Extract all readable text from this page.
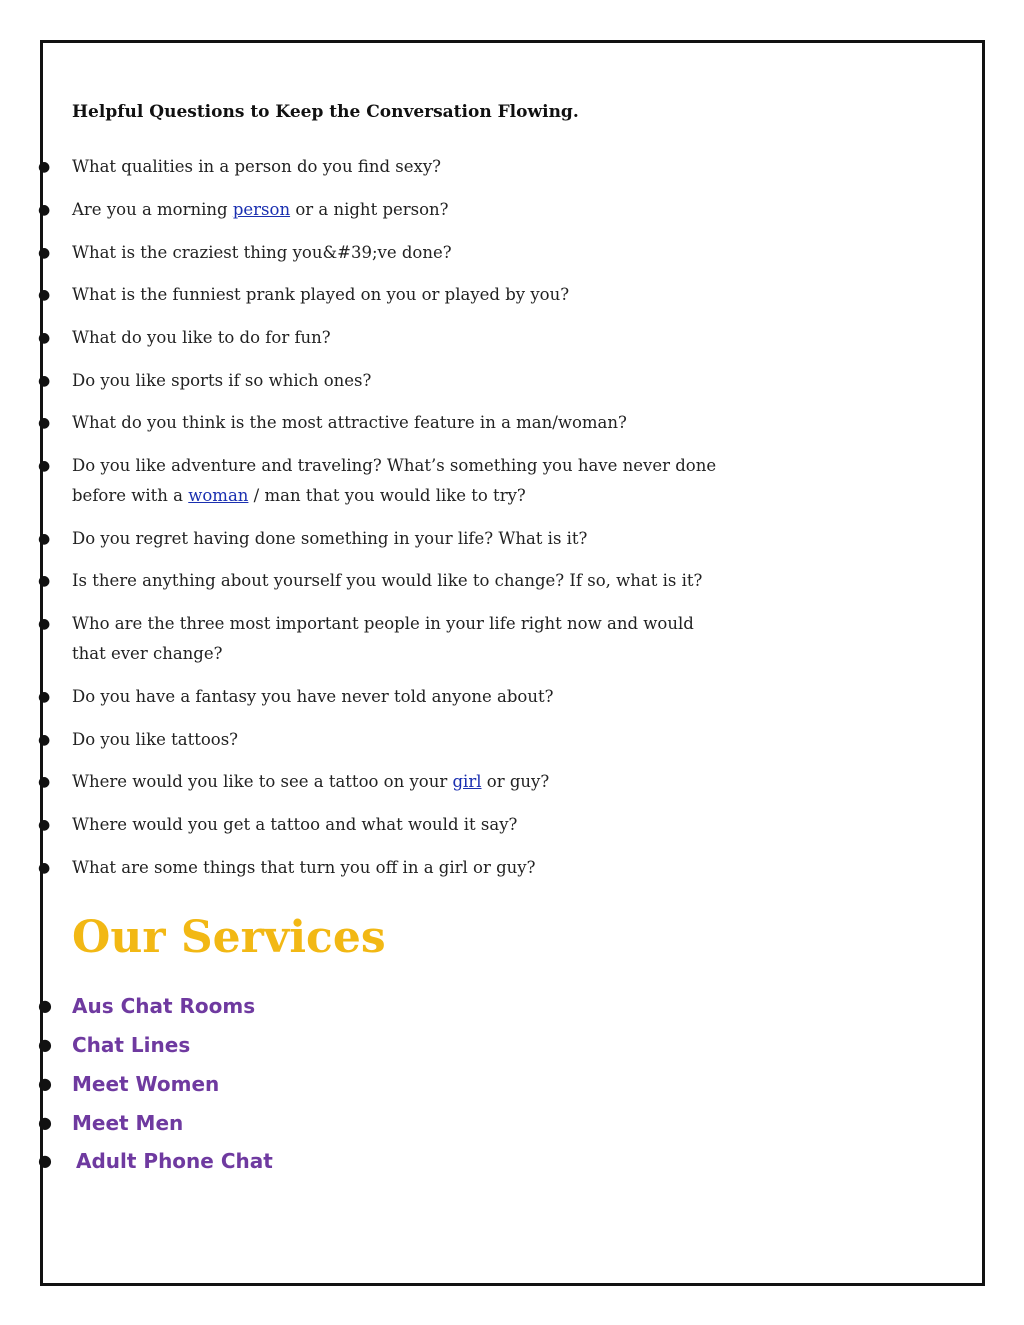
Helpful Questions to Keep the Conversation Flowing.
● What qualities in a person do you find sexy?
● Are you a morning person or a night person?
● What is the craziest thing you&#39;ve done?
● What is the funniest prank played on you or played by you?
● What do you like to do for fun?
● Do you like sports if so which ones?
● What do you think is the most attractive feature in a man/woman?
● Do you like adventure and traveling? What’s something you have never done before with a woman / man that you would like to try?
● Do you regret having done something in your life? What is it?
● Is there anything about yourself you would like to change? If so, what is it?
● Who are the three most important people in your life right now and would that ever change?
● Do you have a fantasy you have never told anyone about?
● Do you like tattoos?
● Where would you like to see a tattoo on your girl or guy?
● Where would you get a tattoo and what would it say?
● What are some things that turn you off in a girl or guy?
Our Services
● Aus Chat Rooms
● Chat Lines
● Meet Women
● Meet Men
● Adult Phone Chat
